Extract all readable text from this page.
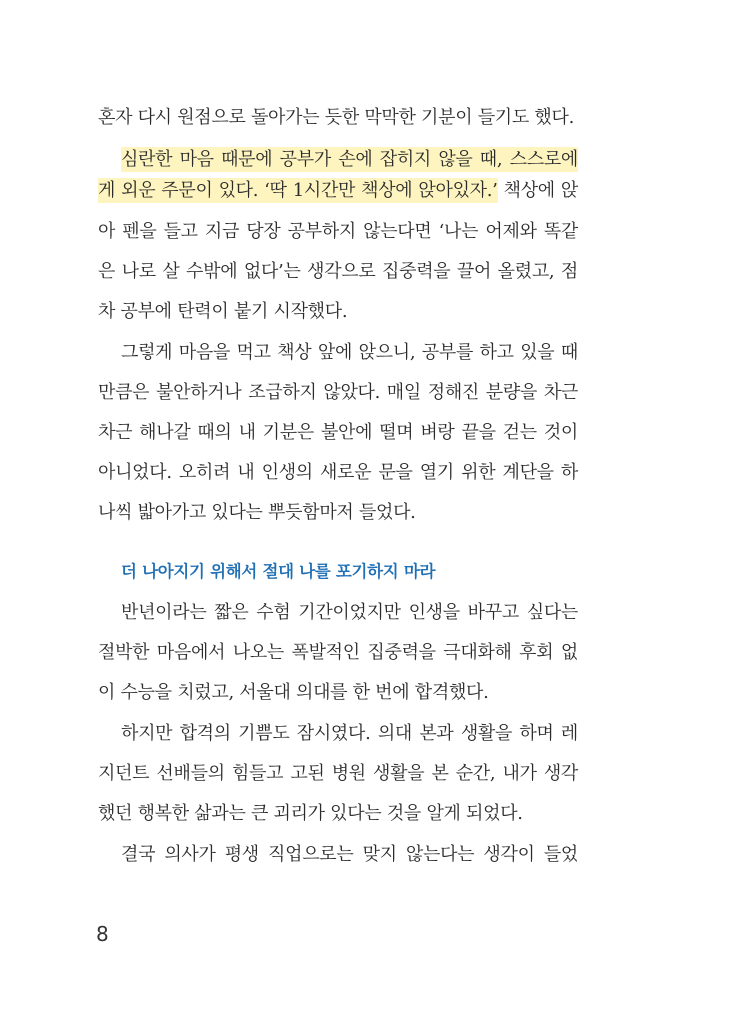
혼자 다시 원점으로 돌아가는 듯한 막막한 기분이 들기도 했다.
심란한 마음 때문에 공부가 손에 잡히지 않을 때, 스스로에
게 외운 주문이 있다. ‘딱 1시간만 책상에 앉아있자.’ 책상에 앉
아 펜을 들고 지금 당장 공부하지 않는다면 ‘나는 어제와 똑같
은 나로 살 수밖에 없다’는 생각으로 집중력을 끌어 올렸고, 점
차 공부에 탄력이 붙기 시작했다.
그렇게 마음을 먹고 책상 앞에 앉으니, 공부를 하고 있을 때
만큼은 불안하거나 조급하지 않았다. 매일 정해진 분량을 차근
차근 해나갈 때의 내 기분은 불안에 떨며 벼랑 끝을 걷는 것이
아니었다. 오히려 내 인생의 새로운 문을 열기 위한 계단을 하
나씩 밟아가고 있다는 뿌듯함마저 들었다.
더 나아지기 위해서 절대 나를 포기하지 마라
반년이라는 짧은 수험 기간이었지만 인생을 바꾸고 싶다는
절박한 마음에서 나오는 폭발적인 집중력을 극대화해 후회 없
이 수능을 치렀고, 서울대 의대를 한 번에 합격했다.
하지만 합격의 기쁨도 잠시였다. 의대 본과 생활을 하며 레
지던트 선배들의 힘들고 고된 병원 생활을 본 순간, 내가 생각
했던 행복한 삶과는 큰 괴리가 있다는 것을 알게 되었다.
결국 의사가 평생 직업으로는 맞지 않는다는 생각이 들었
8
